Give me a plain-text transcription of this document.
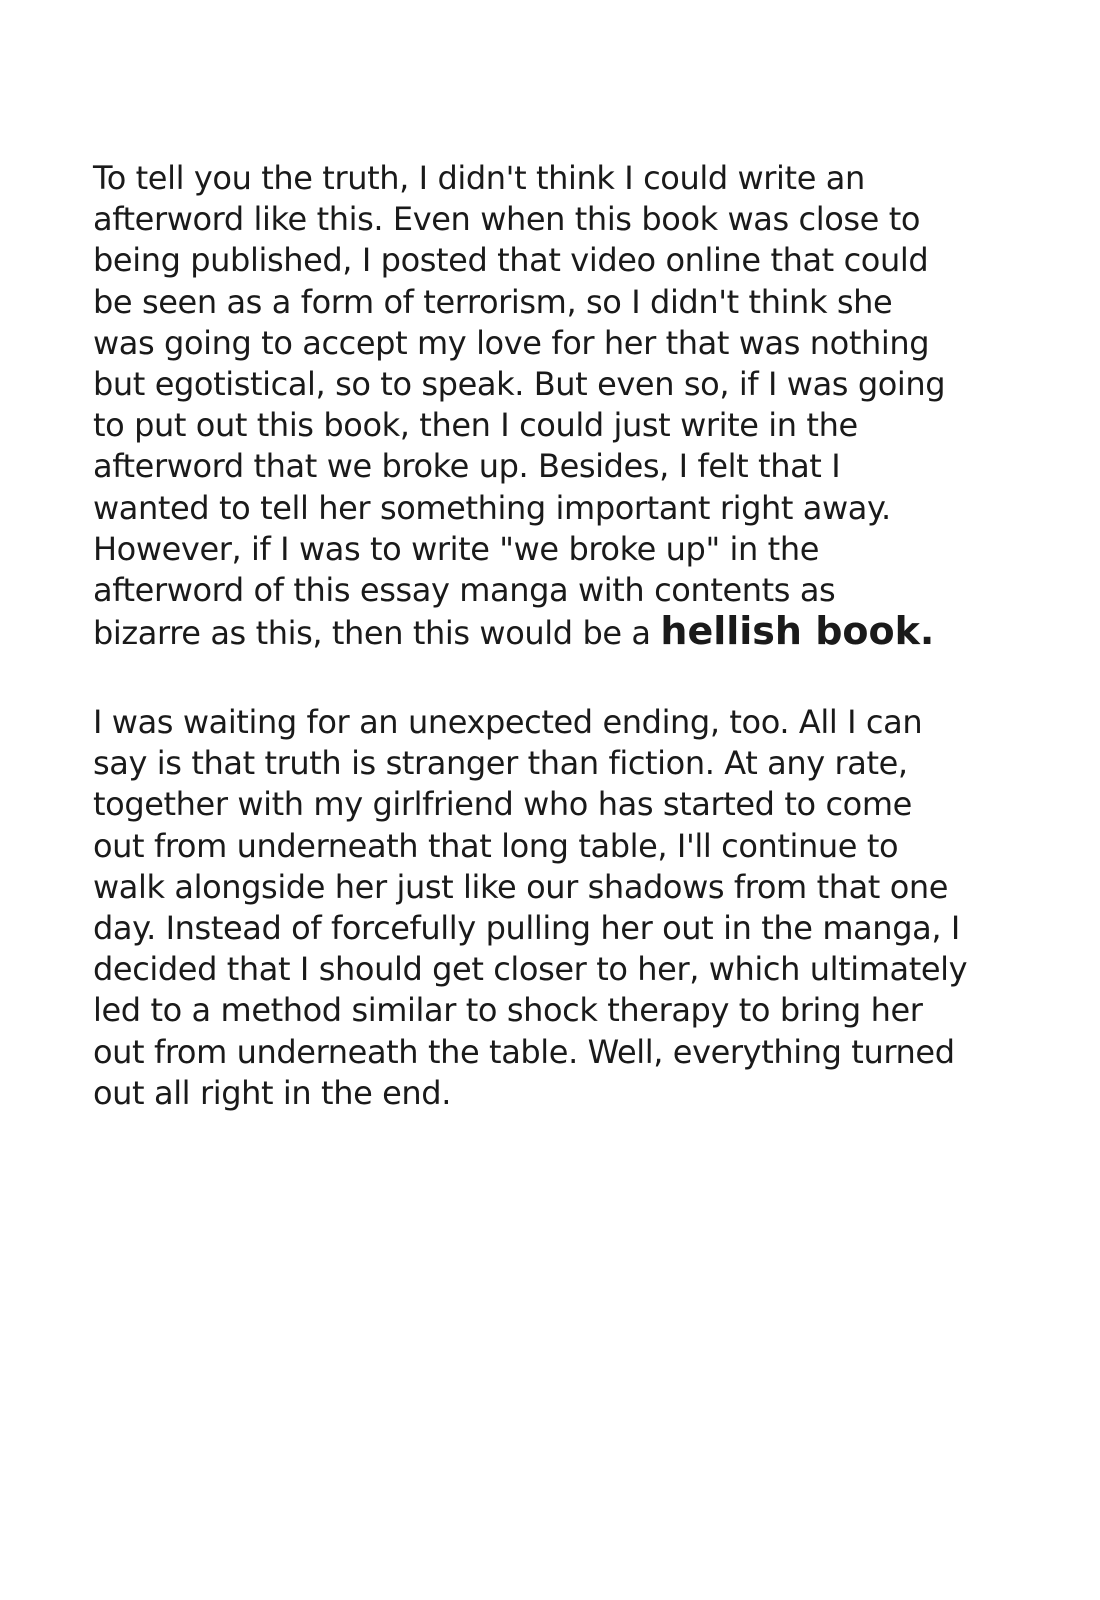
To tell you the truth, I didn't think I could write an
afterword like this. Even when this book was close to
being published, I posted that video online that could
be seen as a form of terrorism, so I didn't think she
was going to accept my love for her that was nothing
but egotistical, so to speak. But even so, if I was going
to put out this book, then I could just write in the
afterword that we broke up. Besides, I felt that I
wanted to tell her something important right away.
However, if I was to write "we broke up" in the
afterword of this essay manga with contents as
bizarre as this, then this would be a hellish book.
I was waiting for an unexpected ending, too. All I can
say is that truth is stranger than fiction. At any rate,
together with my girlfriend who has started to come
out from underneath that long table, I'll continue to
walk alongside her just like our shadows from that one
day. Instead of forcefully pulling her out in the manga, I
decided that I should get closer to her, which ultimately
led to a method similar to shock therapy to bring her
out from underneath the table. Well, everything turned
out all right in the end.
